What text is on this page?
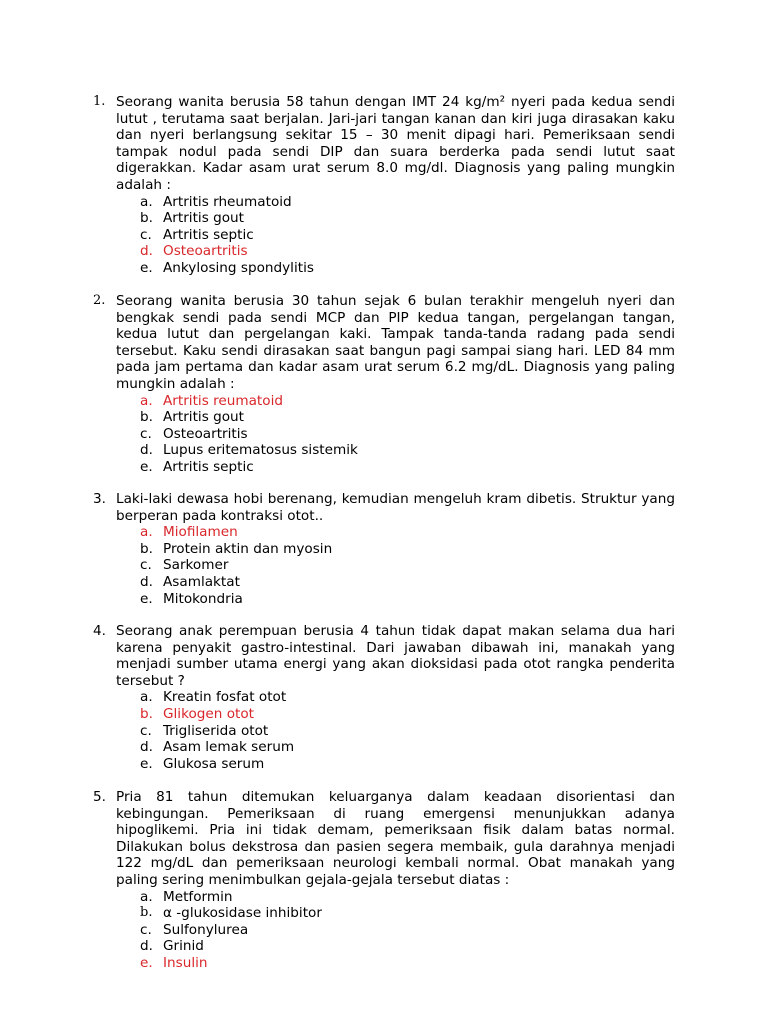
1. Seorang wanita berusia 58 tahun dengan IMT 24 kg/m² nyeri pada kedua sendi lutut , terutama saat berjalan. Jari-jari tangan kanan dan kiri juga dirasakan kaku dan nyeri berlangsung sekitar 15 – 30 menit dipagi hari. Pemeriksaan sendi tampak nodul pada sendi DIP dan suara berderka pada sendi lutut saat digerakkan. Kadar asam urat serum 8.0 mg/dl. Diagnosis yang paling mungkin adalah :
a. Artritis rheumatoid
b. Artritis gout
c. Artritis septic
d. Osteoartritis
e. Ankylosing spondylitis
2. Seorang wanita berusia 30 tahun sejak 6 bulan terakhir mengeluh nyeri dan bengkak sendi pada sendi MCP dan PIP kedua tangan, pergelangan tangan, kedua lutut dan pergelangan kaki. Tampak tanda-tanda radang pada sendi tersebut. Kaku sendi dirasakan saat bangun pagi sampai siang hari. LED 84 mm pada jam pertama dan kadar asam urat serum 6.2 mg/dL. Diagnosis yang paling mungkin adalah :
a. Artritis reumatoid
b. Artritis gout
c. Osteoartritis
d. Lupus eritematosus sistemik
e. Artritis septic
3. Laki-laki dewasa hobi berenang, kemudian mengeluh kram dibetis. Struktur yang berperan pada kontraksi otot..
a. Miofilamen
b. Protein aktin dan myosin
c. Sarkomer
d. Asamlaktat
e. Mitokondria
4. Seorang anak perempuan berusia 4 tahun tidak dapat makan selama dua hari karena penyakit gastro-intestinal. Dari jawaban dibawah ini, manakah yang menjadi sumber utama energi yang akan dioksidasi pada otot rangka penderita tersebut ?
a. Kreatin fosfat otot
b. Glikogen otot
c. Trigliserida otot
d. Asam lemak serum
e. Glukosa serum
5. Pria 81 tahun ditemukan keluarganya dalam keadaan disorientasi dan kebingungan. Pemeriksaan di ruang emergensi menunjukkan adanya hipoglikemi. Pria ini tidak demam, pemeriksaan fisik dalam batas normal. Dilakukan bolus dekstrosa dan pasien segera membaik, gula darahnya menjadi 122 mg/dL dan pemeriksaan neurologi kembali normal. Obat manakah yang paling sering menimbulkan gejala-gejala tersebut diatas :
a. Metformin
b. α -glukosidase inhibitor
c. Sulfonylurea
d. Grinid
e. Insulin
